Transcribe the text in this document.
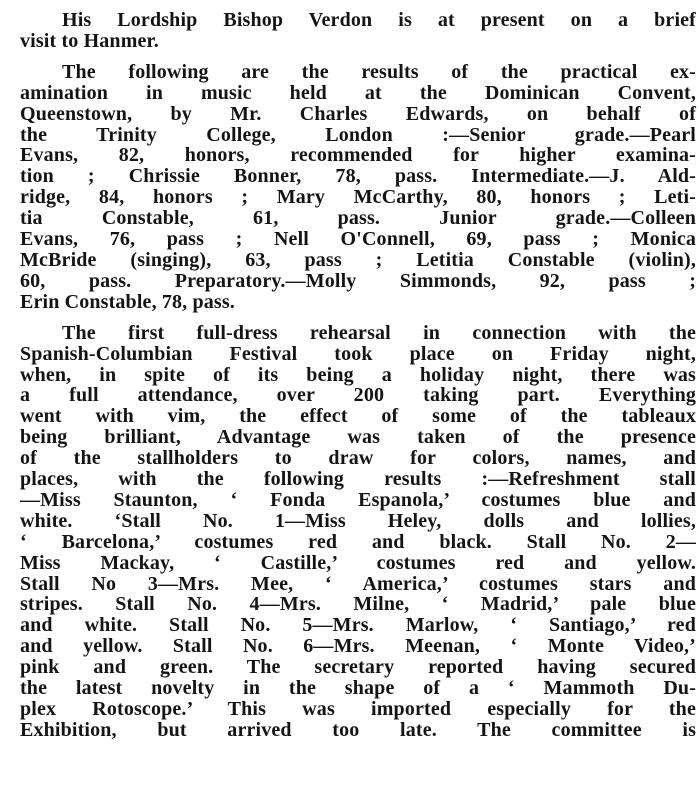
His Lordship Bishop Verdon is at present on a brief
visit to Hanmer.
The following are the results of the practical ex-
amination in music held at the Dominican Convent,
Queenstown, by Mr. Charles Edwards, on behalf of
the Trinity College, London :—Senior grade.—Pearl
Evans, 82, honors, recommended for higher examina-
tion ; Chrissie Bonner, 78, pass. Intermediate.—J. Ald-
ridge, 84, honors ; Mary McCarthy, 80, honors ; Leti-
tia Constable, 61, pass. Junior grade.—Colleen
Evans, 76, pass ; Nell O'Connell, 69, pass ; Monica
McBride (singing), 63, pass ; Letitia Constable (violin),
60, pass. Preparatory.—Molly Simmonds, 92, pass ;
Erin Constable, 78, pass.
The first full-dress rehearsal in connection with the
Spanish-Columbian Festival took place on Friday night,
when, in spite of its being a holiday night, there was
a full attendance, over 200 taking part. Everything
went with vim, the effect of some of the tableaux
being brilliant, Advantage was taken of the presence
of the stallholders to draw for colors, names, and
places, with the following results :—Refreshment stall
—Miss Staunton, ‘ Fonda Espanola,’ costumes blue and
white. ‘Stall No. 1—Miss Heley, dolls and lollies,
‘ Barcelona,’ costumes red and black. Stall No. 2—
Miss Mackay, ‘ Castille,’ costumes red and yellow.
Stall No 3—Mrs. Mee, ‘ America,’ costumes stars and
stripes. Stall No. 4—Mrs. Milne, ‘ Madrid,’ pale blue
and white. Stall No. 5—Mrs. Marlow, ‘ Santiago,’ red
and yellow. Stall No. 6—Mrs. Meenan, ‘ Monte Video,’
pink and green. The secretary reported having secured
the latest novelty in the shape of a ‘ Mammoth Du-
plex Rotoscope.’ This was imported especially for the
Exhibition, but arrived too late. The committee is
